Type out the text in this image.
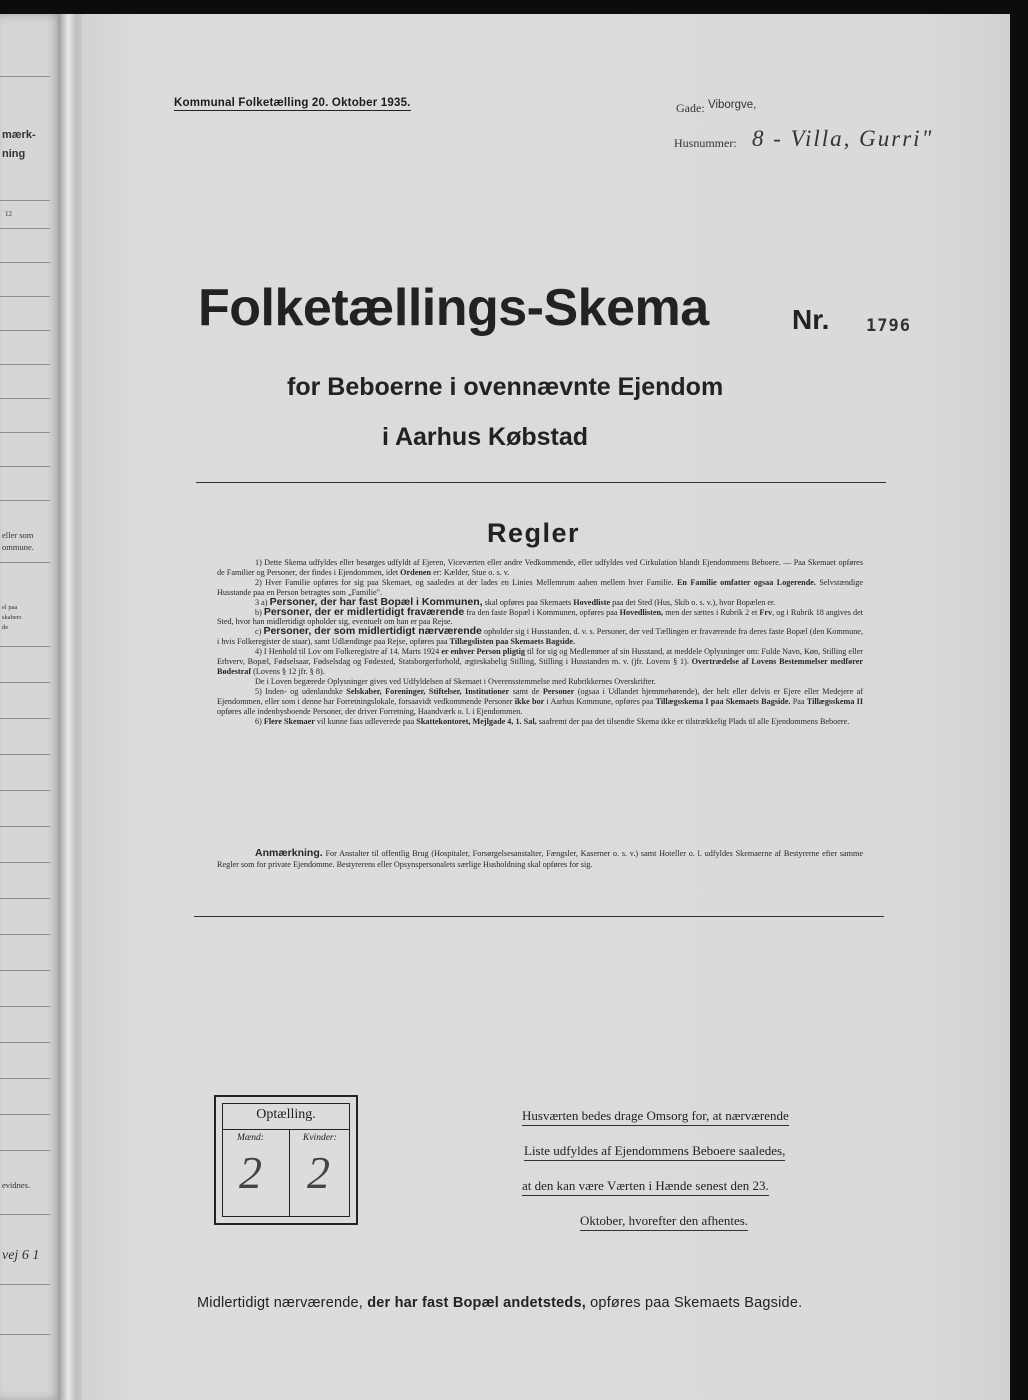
mærk-
ning
12
eller som
ommune.
el paa
skabers
de
evidnes.
vej 6 1
Kommunal Folketælling 20. Oktober 1935.	Gade: Viborgve,
Husnummer: 8 - Villa, Gurri"
Folketællings-Skema	Nr. 1796
for Beboerne i ovennævnte Ejendom
i Aarhus Købstad
Regler

1) Dette Skema udfyldes eller besørges udfyldt af Ejeren, Viceværten eller andre Vedkommende, eller udfyldes ved Cirkulation blandt Ejendommens Beboere. — Paa Skemaet opføres de Familier og Personer, der findes i Ejendommen, idet Ordenen er: Kælder, Stue o. s. v.

2) Hver Familie opføres for sig paa Skemaet, og saaledes at der lades en Linies Mellemrum aaben mellem hver Familie. En Familie omfatter ogsaa Logerende. Selvstændige Husstande paa en Person betragtes som „Familie".

3 a) Personer, der har fast Bopæl i Kommunen, skal opføres paa Skemaets Hovedliste paa det Sted (Hus, Skib o. s. v.), hvor Bopælen er.

b) Personer, der er midlertidigt fraværende fra den faste Bopæl i Kommunen, opføres paa Hovedlisten, men der sættes i Rubrik 2 et Frv, og i Rubrik 18 angives det Sted, hvor han midlertidigt opholder sig, eventuelt om han er paa Rejse.

c) Personer, der som midlertidigt nærværende opholder sig i Husstanden, d. v. s. Personer, der ved Tællingen er fraværende fra deres faste Bopæl (den Kommune, i hvis Folkeregister de staar), samt Udlændinge paa Rejse, opføres paa Tillægslisten paa Skemaets Bagside.

4) I Henhold til Lov om Folkeregistre af 14. Marts 1924 er enhver Person pligtig til for sig og Medlemmer af sin Husstand, at meddele Oplysninger om: Fulde Navn, Køn, Stilling eller Erhverv, Bopæl, Fødselsaar, Fødselsdag og Fødested, Statsborgerforhold, ægteskabelig Stilling, Stilling i Husstanden m. v. (jfr. Lovens § 1). Overtrædelse af Lovens Bestemmelser medfører Bødestraf (Lovens § 12 jfr. § 8).

De i Loven begærede Oplysninger gives ved Udfyldelsen af Skemaet i Overensstemmelse med Rubrikkernes Overskrifter.

5) Inden- og udenlandske Selskaber, Foreninger, Stiftelser, Institutioner samt de Personer (ogsaa i Udlandet hjemmehørende), der helt eller delvis er Ejere eller Medejere af Ejendommen, eller som i denne har Forretningslokale, forsaavidt vedkommende Personer ikke bor i Aarhus Kommune, opføres paa Tillægsskema I paa Skemaets Bagside. Paa Tillægsskema II opføres alle indenbysboende Personer, der driver Forretning, Haandværk o. l. i Ejendommen.

6) Flere Skemaer vil kunne faas udleverede paa Skattekontoret, Mejlgade 4, 1. Sal, saafremt der paa det tilsendte Skema ikke er tilstrækkelig Plads til alle Ejendommens Beboere.

Anmærkning. For Anstalter til offentlig Brug (Hospitaler, Forsørgelsesanstalter, Fængsler, Kaserner o. s. v.) samt Hoteller o. l. udfyldes Skemaerne af Bestyrerne efter samme Regler som for private Ejendomme. Bestyrerens eller Opsynspersonalets særlige Husholdning skal opføres for sig.
Optælling.
Mænd:	Kvinder:
2 2
Husværten bedes drage Omsorg for, at nærværende
Liste udfyldes af Ejendommens Beboere saaledes,
at den kan være Værten i Hænde senest den 23.
Oktober, hvorefter den afhentes.
Midlertidigt nærværende, der har fast Bopæl andetsteds, opføres paa Skemaets Bagside.
